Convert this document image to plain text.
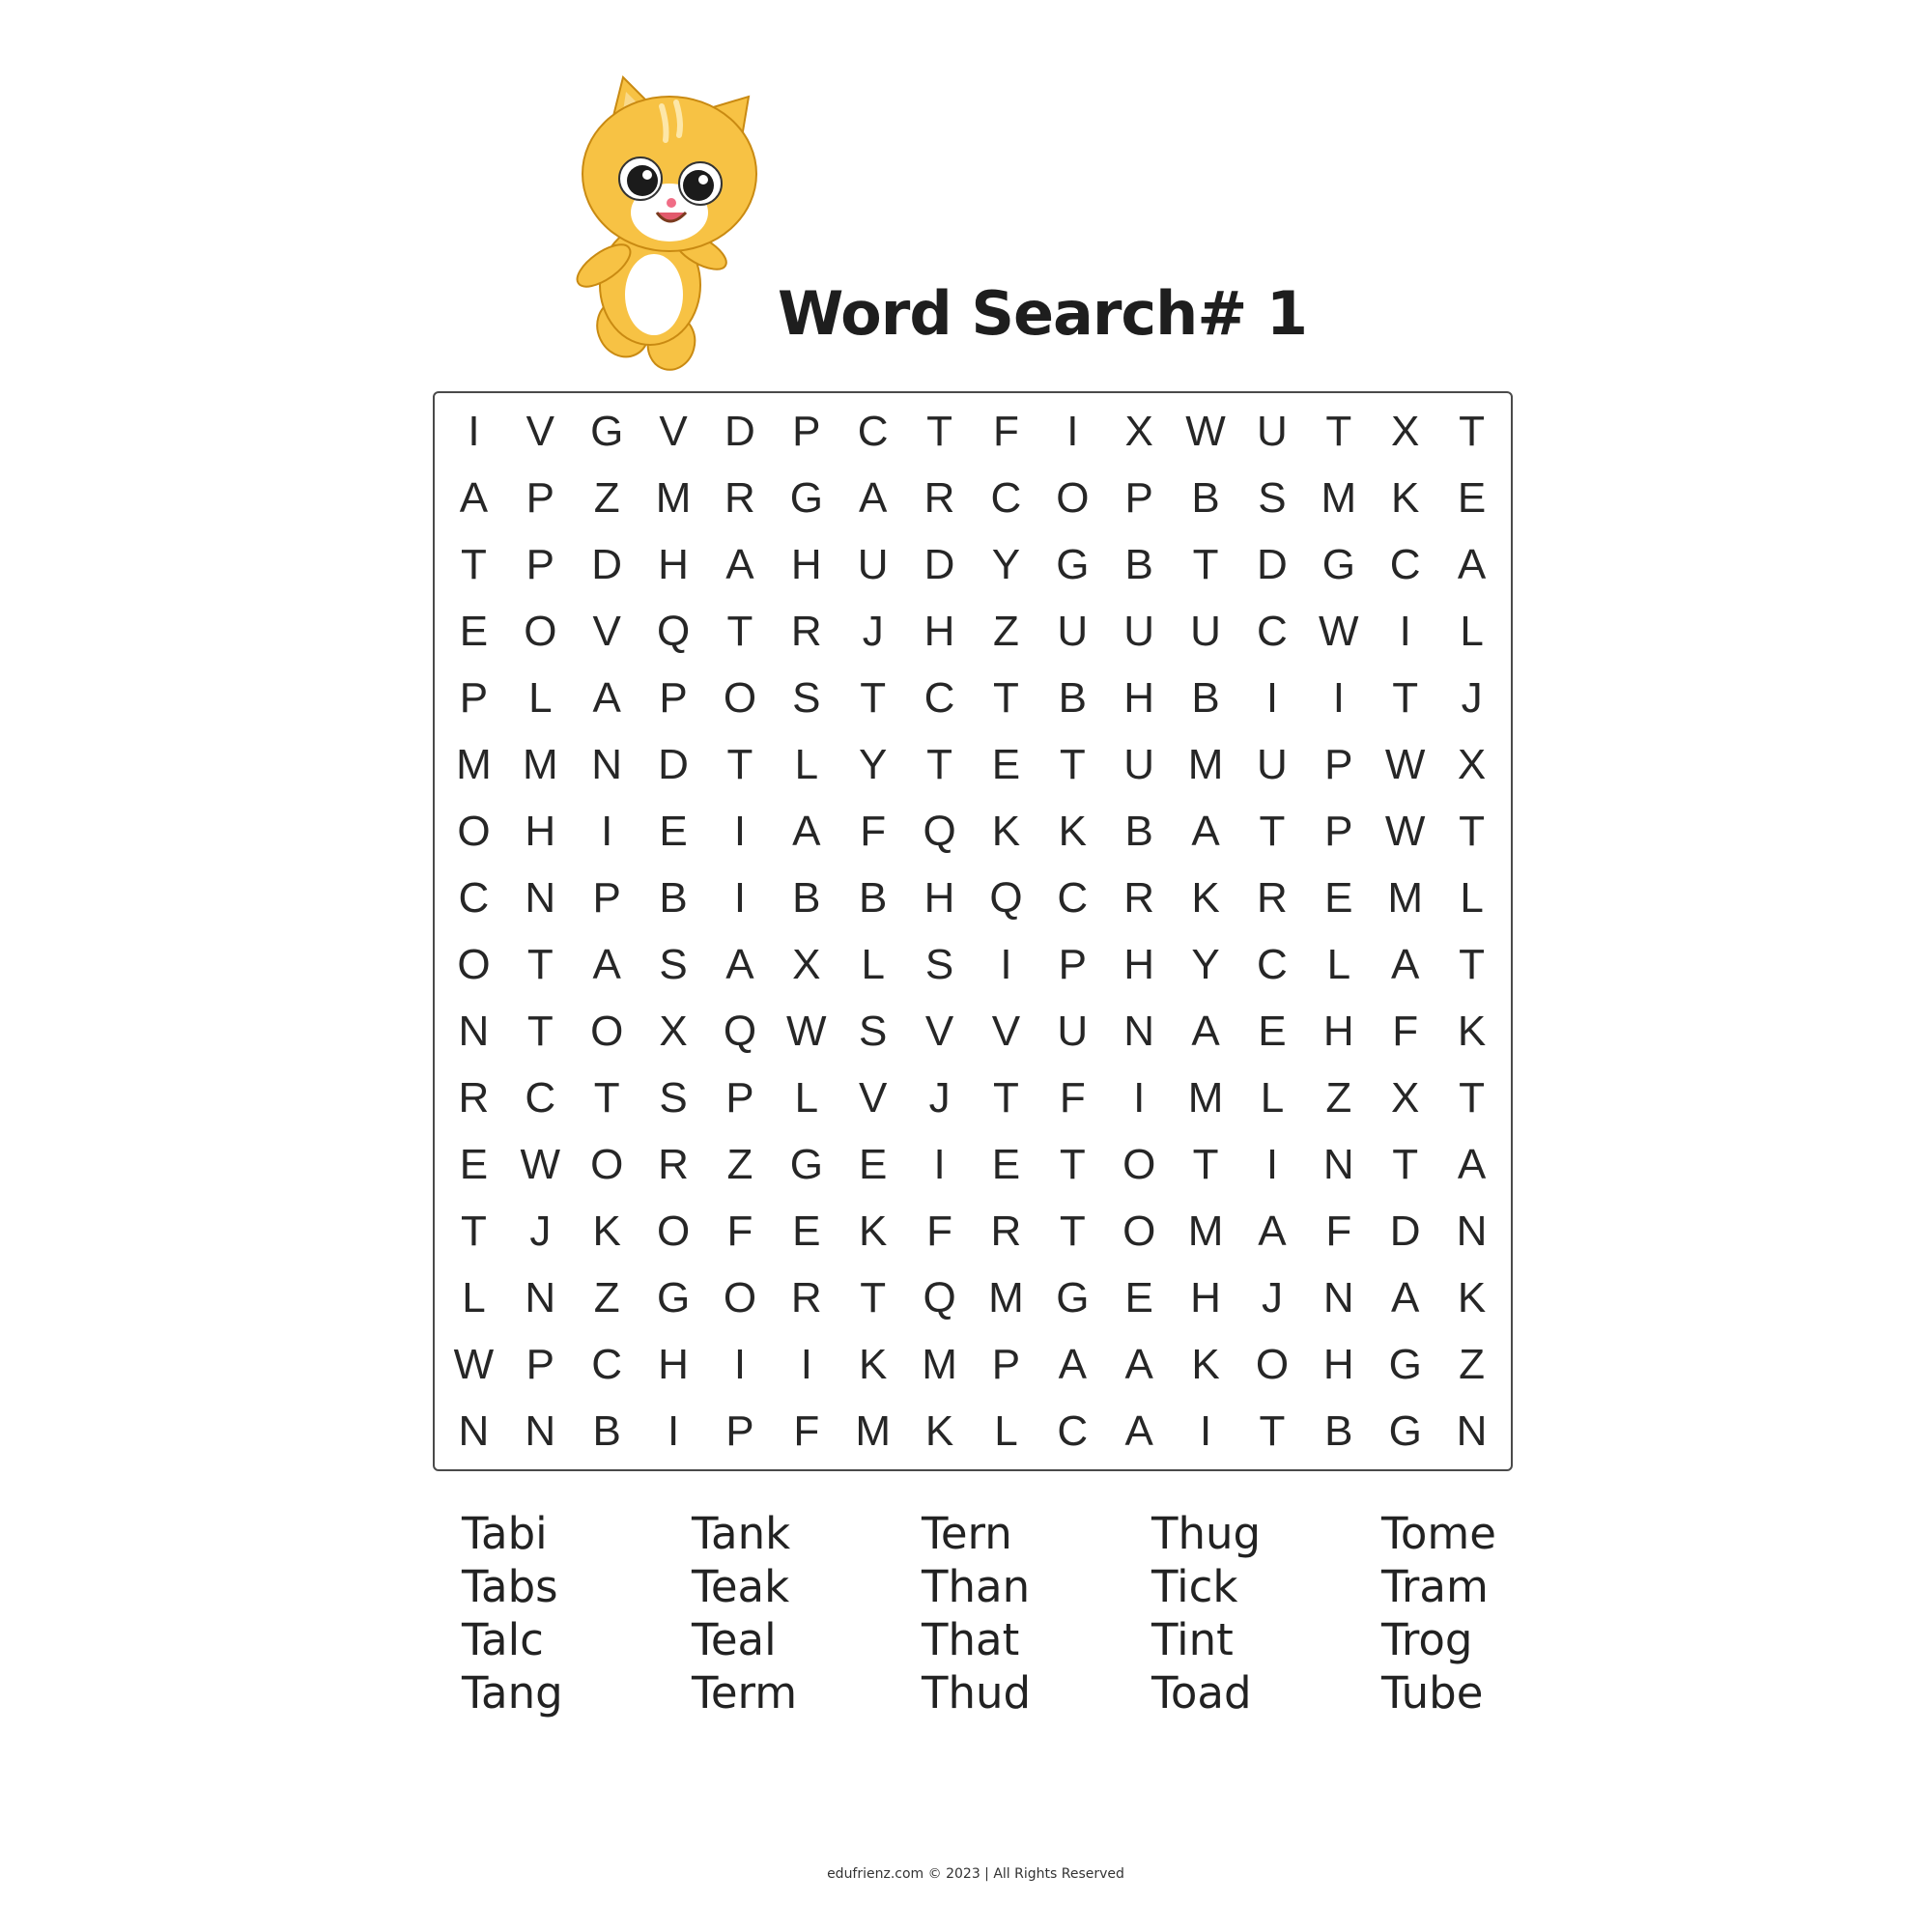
Word Search# 1
I	V G V D P C T F	I	X W U T X T
A P Z M R G A R C O P B S M K E
T P D H A H U D Y G B T D G C A
E O V Q T R J H Z U U U C W I	L
P L A P O S T C T B H B	I	I	T	J
M M N D T L Y T E T U M U P W X
O H	I	E	I	A F Q K K B A T P W T
C N P B	I	B B H Q C R K R E M L
O T A S A X L S	I	P H Y C L A T
N T O X Q W S V V U N A E H F K
R C T S P L V J	T F	I	M L Z X T
E W O R Z G E	I	E T O T	I	N T A
T	J K O F E K F R T O M A F D N
L N Z G O R T Q M G E H J N A K
W P C H	I	I	K M P A A K O H G Z
N N B	I	P F M K L C A	I	T B G N
Tabi
Tabs
Talc
Tang
Tank
Teak
Teal
Term
Tern
Than
That
Thud
Thug
Tick
Tint
Toad
Tome
Tram
Trog
Tube
edufrienz.com © 2023 | All Rights Reserved
